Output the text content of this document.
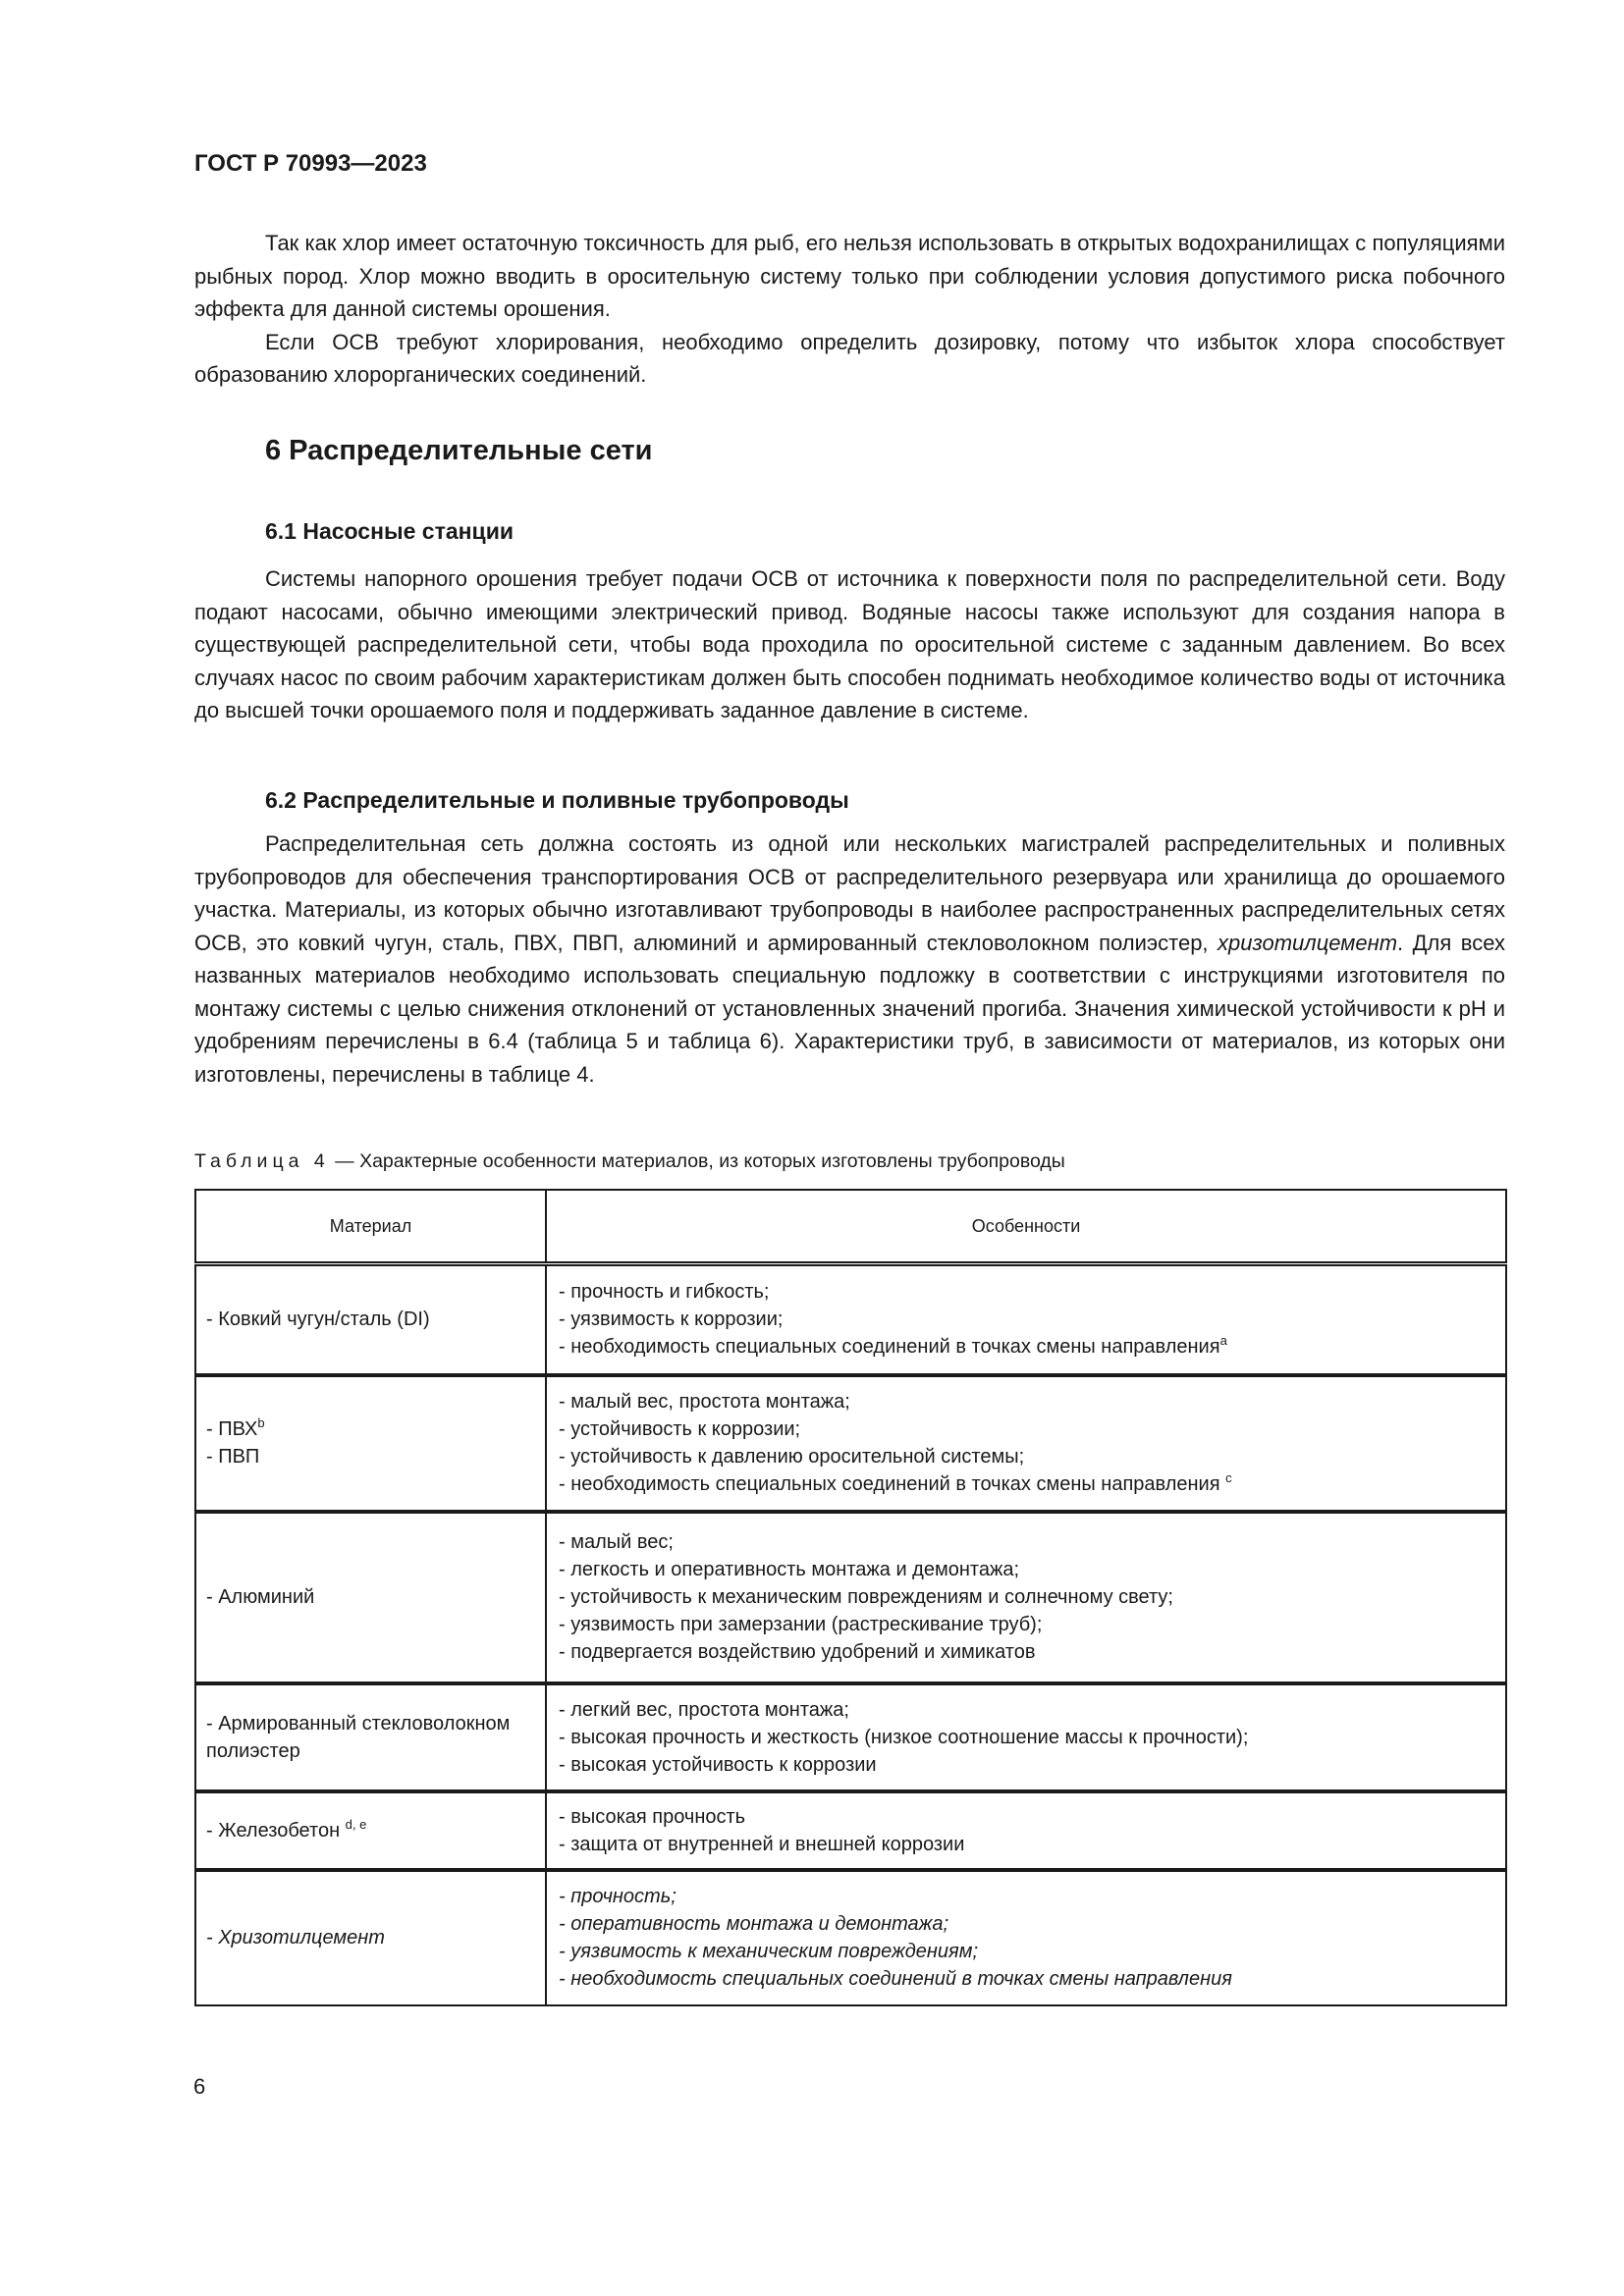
ГОСТ Р 70993—2023

Так как хлор имеет остаточную токсичность для рыб, его нельзя использовать в открытых водохранилищах с популяциями рыбных пород. Хлор можно вводить в оросительную систему только при соблюдении условия допустимого риска побочного эффекта для данной системы орошения.

Если ОСВ требуют хлорирования, необходимо определить дозировку, потому что избыток хлора способствует образованию хлорорганических соединений.

6 Распределительные сети
6.1 Насосные станции

Системы напорного орошения требует подачи ОСВ от источника к поверхности поля по распределительной сети. Воду подают насосами, обычно имеющими электрический привод. Водяные насосы также используют для создания напора в существующей распределительной сети, чтобы вода проходила по оросительной системе с заданным давлением. Во всех случаях насос по своим рабочим характеристикам должен быть способен поднимать необходимое количество воды от источника до высшей точки орошаемого поля и поддерживать заданное давление в системе.

6.2 Распределительные и поливные трубопроводы

Распределительная сеть должна состоять из одной или нескольких магистралей распределительных и поливных трубопроводов для обеспечения транспортирования ОСВ от распределительного резервуара или хранилища до орошаемого участка. Материалы, из которых обычно изготавливают трубопроводы в наиболее распространенных распределительных сетях ОСВ, это ковкий чугун, сталь, ПВХ, ПВП, алюминий и армированный стекловолокном полиэстер, хризотилцемент. Для всех названных материалов необходимо использовать специальную подложку в соответствии с инструкциями изготовителя по монтажу системы с целью снижения отклонений от установленных значений прогиба. Значения химической устойчивости к pH и удобрениям перечислены в 6.4 (таблица 5 и таблица 6). Характеристики труб, в зависимости от материалов, из которых они изготовлены, перечислены в таблице 4.

Таблица 4 — Характерные особенности материалов, из которых изготовлены трубопроводы
Материал	Особенности

- Ковкий чугун/сталь (DI)	- прочность и гибкость;
- уязвимость к коррозии;
- необходимость специальных соединений в точках смены направления$^a$

- ПВХ$^b$
- ПВП	- малый вес, простота монтажа;
- устойчивость к коррозии;
- устойчивость к давлению оросительной системы;
- необходимость специальных соединений в точках смены направления $^c$

- Алюминий	- малый вес;
- легкость и оперативность монтажа и демонтажа;
- устойчивость к механическим повреждениям и солнечному свету;
- уязвимость при замерзании (растрескивание труб);
- подвергается воздействию удобрений и химикатов

- Армированный стекловолокном полиэстер	- легкий вес, простота монтажа;
- высокая прочность и жесткость (низкое соотношение массы к прочности);
- высокая устойчивость к коррозии

- Железобетон $^{d, e}$	- высокая прочность
- защита от внутренней и внешней коррозии

- Хризотилцемент	- прочность;
- оперативность монтажа и демонтажа;
- уязвимость к механическим повреждениям;
- необходимость специальных соединений в точках смены направления
6
